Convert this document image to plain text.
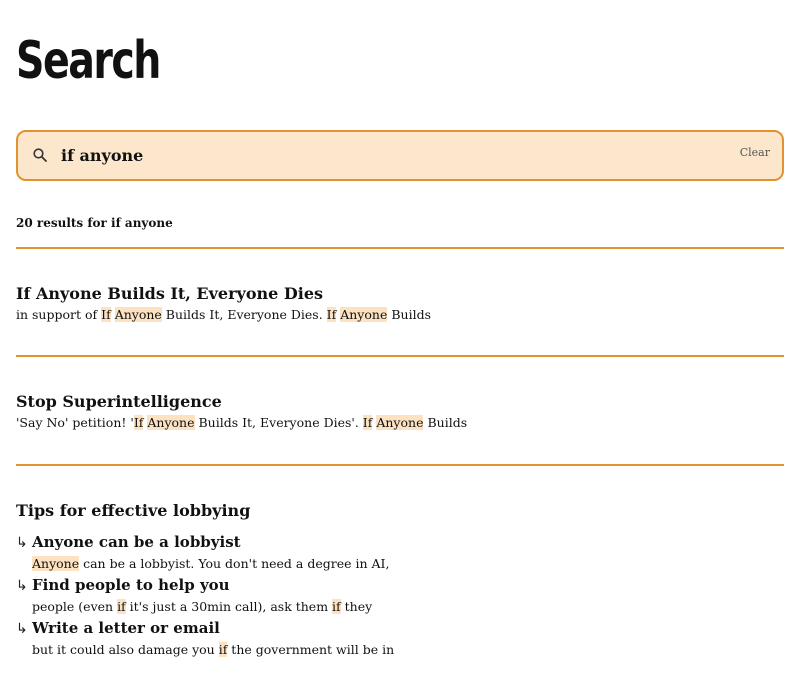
Search
if anyone
Clear
20 results for if anyone
If Anyone Builds It, Everyone Dies
in support of If Anyone Builds It, Everyone Dies. If Anyone Builds
Stop Superintelligence
'Say No' petition! 'If Anyone Builds It, Everyone Dies'. If Anyone Builds
Tips for effective lobbying
↳ Anyone can be a lobbyist
Anyone can be a lobbyist. You don't need a degree in AI,
↳ Find people to help you
people (even if it's just a 30min call), ask them if they
↳ Write a letter or email
but it could also damage you if the government will be in
